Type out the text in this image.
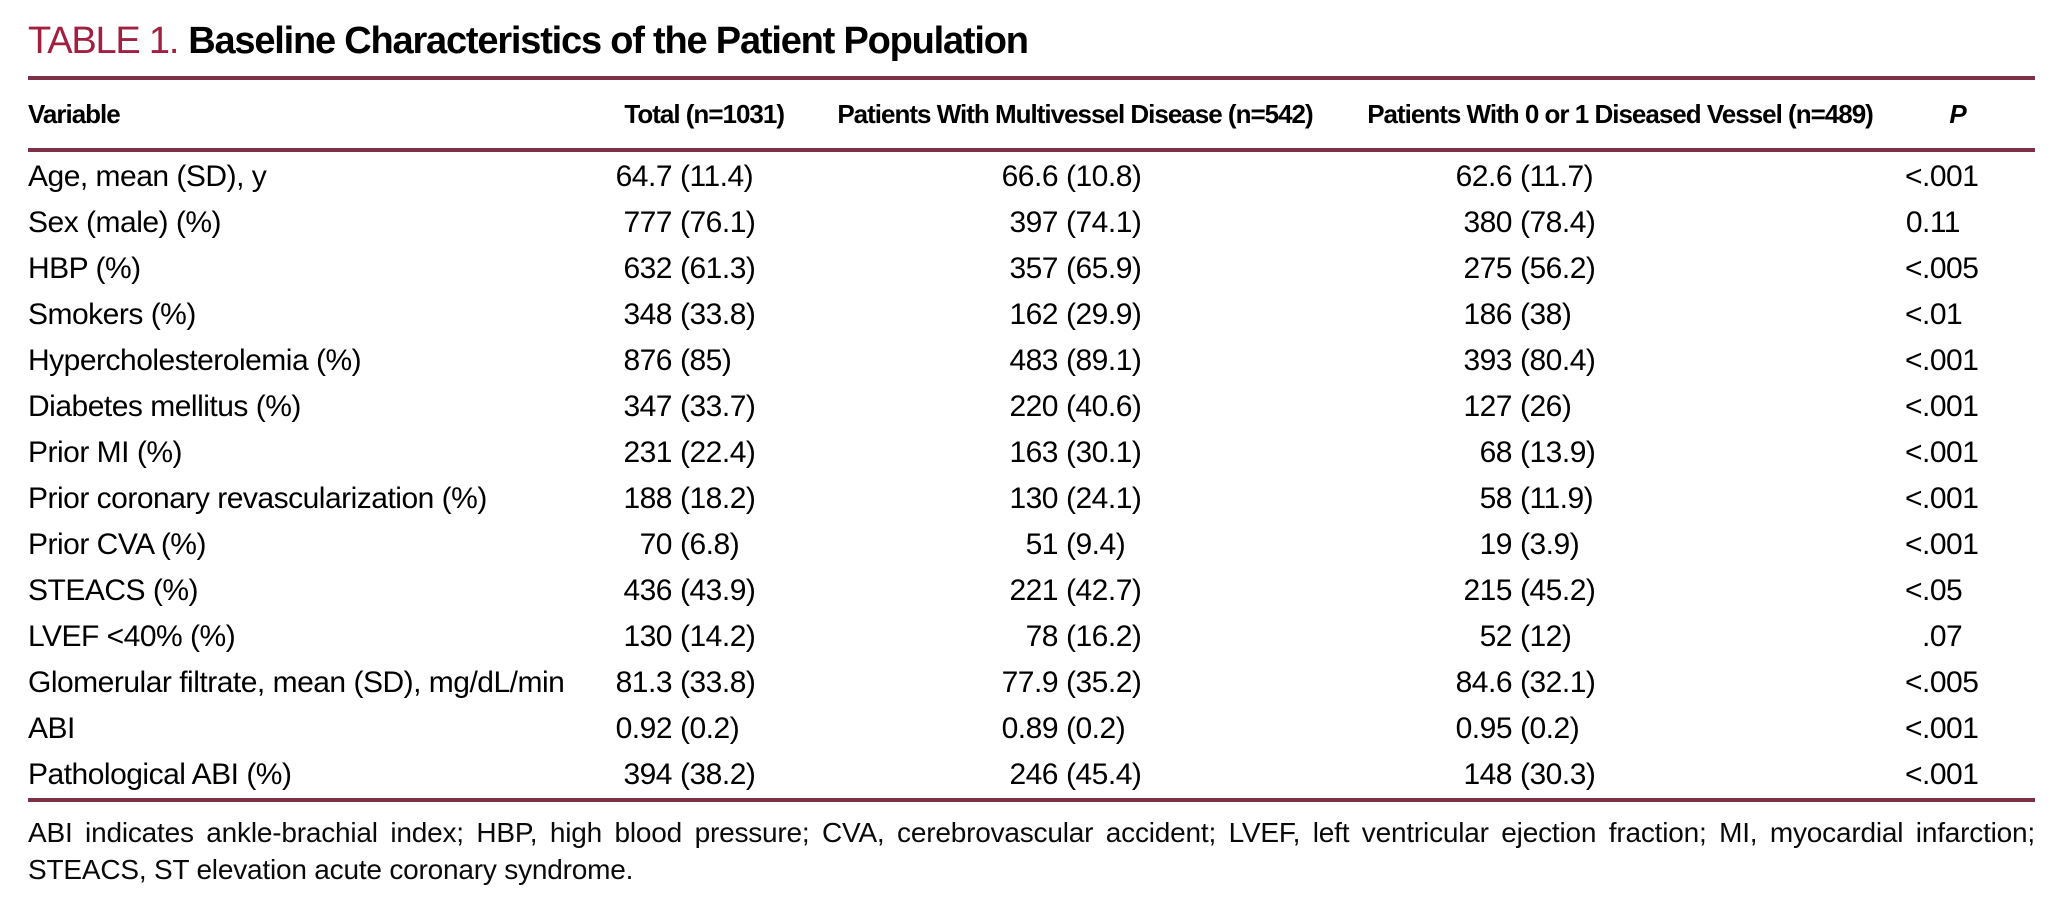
TABLE 1. Baseline Characteristics of the Patient Population
Variable	Total (n=1031)	Patients With Multivessel Disease (n=542)	Patients With 0 or 1 Diseased Vessel (n=489)	P
Age, mean (SD), y	64.7 (11.4)	66.6 (10.8)	62.6 (11.7)	< .001
Sex (male) (%)	777 (76.1)	397 (74.1)	380 (78.4)	0 .11
HBP (%)	632 (61.3)	357 (65.9)	275 (56.2)	< .005
Smokers (%)	348 (33.8)	162 (29.9)	186 (38)	< .01
Hypercholesterolemia (%)	876 (85)	483 (89.1)	393 (80.4)	< .001
Diabetes mellitus (%)	347 (33.7)	220 (40.6)	127 (26)	< .001
Prior MI (%)	231 (22.4)	163 (30.1)	68 (13.9)	< .001
Prior coronary revascularization (%)	188 (18.2)	130 (24.1)	58 (11.9)	< .001
Prior CVA (%)	70 (6.8)	51 (9.4)	19 (3.9)	< .001
STEACS (%)	436 (43.9)	221 (42.7)	215 (45.2)	< .05
LVEF <40% (%)	130 (14.2)	78 (16.2)	52 (12)	.07
Glomerular filtrate, mean (SD), mg/dL/min	81.3 (33.8)	77.9 (35.2)	84.6 (32.1)	< .005
ABI	0.92 (0.2)	0.89 (0.2)	0.95 (0.2)	< .001
Pathological ABI (%)	394 (38.2)	246 (45.4)	148 (30.3)	< .001
ABI indicates ankle-brachial index; HBP, high blood pressure; CVA, cerebrovascular accident; LVEF, left ventricular ejection fraction; MI, myocardial infarction; STEACS, ST elevation acute coronary syndrome.
